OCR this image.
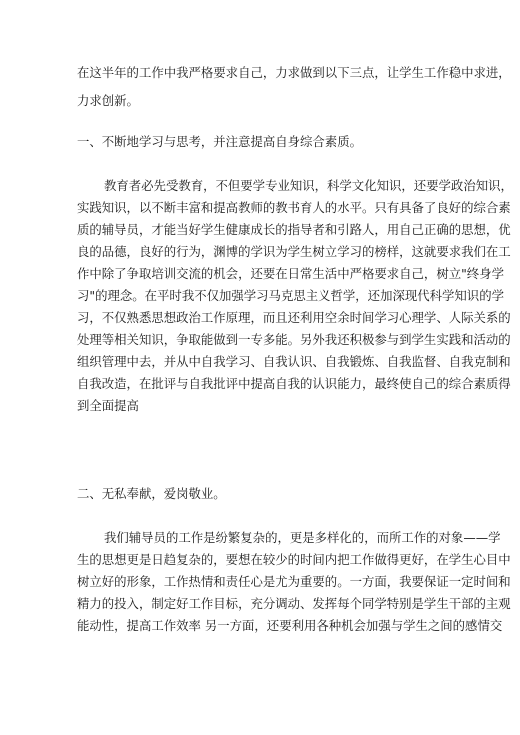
在这半年的工作中我严格要求自己，力求做到以下三点，让学生工作稳中求进，
力求创新。
一、不断地学习与思考，并注意提高自身综合素质。
教育者必先受教育，不但要学专业知识，科学文化知识，还要学政治知识，
实践知识，以不断丰富和提高教师的教书育人的水平。只有具备了良好的综合素
质的辅导员，才能当好学生健康成长的指导者和引路人，用自己正确的思想，优
良的品德，良好的行为，渊博的学识为学生树立学习的榜样，这就要求我们在工
作中除了争取培训交流的机会，还要在日常生活中严格要求自己，树立"终身学
习"的理念。在平时我不仅加强学习马克思主义哲学，还加深现代科学知识的学
习，不仅熟悉思想政治工作原理，而且还利用空余时间学习心理学、人际关系的
处理等相关知识，争取能做到一专多能。另外我还积极参与到学生实践和活动的
组织管理中去，并从中自我学习、自我认识、自我锻炼、自我监督、自我克制和
自我改造，在批评与自我批评中提高自我的认识能力，最终使自己的综合素质得
到全面提高
二、无私奉献，爱岗敬业。
我们辅导员的工作是纷繁复杂的，更是多样化的，而所工作的对象——学
生的思想更是日趋复杂的，要想在较少的时间内把工作做得更好，在学生心目中
树立好的形象，工作热情和责任心是尤为重要的。一方面，我要保证一定时间和
精力的投入，制定好工作目标，充分调动、发挥每个同学特别是学生干部的主观
能动性，提高工作效率 另一方面，还要利用各种机会加强与学生之间的感情交
